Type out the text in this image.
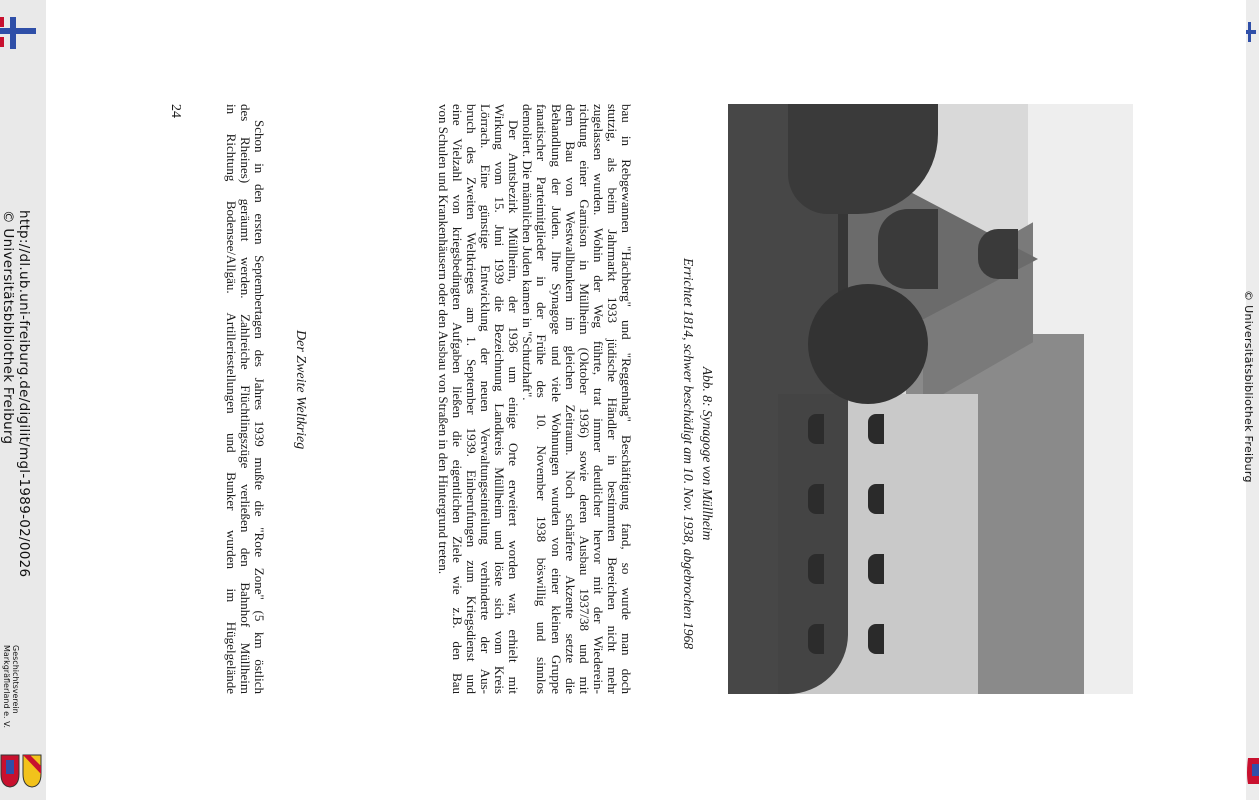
http://dl.ub.uni-freiburg.de/digilit/mgl-1989-02/0026
© Universitätsbibliothek Freiburg
Geschichtsverein
Markgräflerland e. V.
© Universitätsbibliothek Freiburg
24
Abb. 8: Synagoge von Müllheim
Errichtet 1814, schwer beschädigt am 10. Nov. 1938, abgebrochen 1968

bau in Rebgewannen "Hachberg" und "Reggenhag" Beschäftigung fand, so wurde man doch

stutzig, als beim Jahrmarkt 1933 jüdische Händler in bestimmten Bereichen nicht mehr

zugelassen wurden. Wohin der Weg führte, trat immer deutlicher hervor mit der Wiederein-

richtung einer Garnison in Müllheim (Oktober 1936) sowie deren Ausbau 1937/38 und mit

dem Bau von Westwallbunkern im gleichen Zeitraum. Noch schärfere Akzente setzte die

Behandlung der Juden. Ihre Synagoge und viele Wohnungen wurden von einer kleinen Gruppe

fanatischer Parteimitglieder in der Frühe des 10. November 1938 böswillig und sinnlos

demoliert. Die männlichen Juden kamen in "Schutzhaft".

Der Amtsbezirk Müllheim, der 1936 um einige Orte erweitert worden war, erhielt mit

Wirkung vom 15. Juni 1939 die Bezeichnung Landkreis Müllheim und löste sich vom Kreis

Lörrach. Eine günstige Entwicklung der neuen Verwaltungseinteilung verhinderte der Aus-

bruch des Zweiten Weltkrieges am 1. September 1939. Einberufungen zum Kriegsdienst und

eine Vielzahl von kriegsbedingten Aufgaben ließen die eigentlichen Ziele wie z.B. den Bau

von Schulen und Krankenhäusern oder den Ausbau von Straßen in den Hintergrund treten.

Der Zweite Weltkrieg

Schon in den ersten Septembertagen des Jahres 1939 mußte die "Rote Zone" (5 km östlich

des Rheines) geräumt werden. Zahlreiche Flüchtlingszüge verließen den Bahnhof Müllheim

in Richtung Bodensee/Allgäu. Artilleriestellungen und Bunker wurden im Hügelgelände
